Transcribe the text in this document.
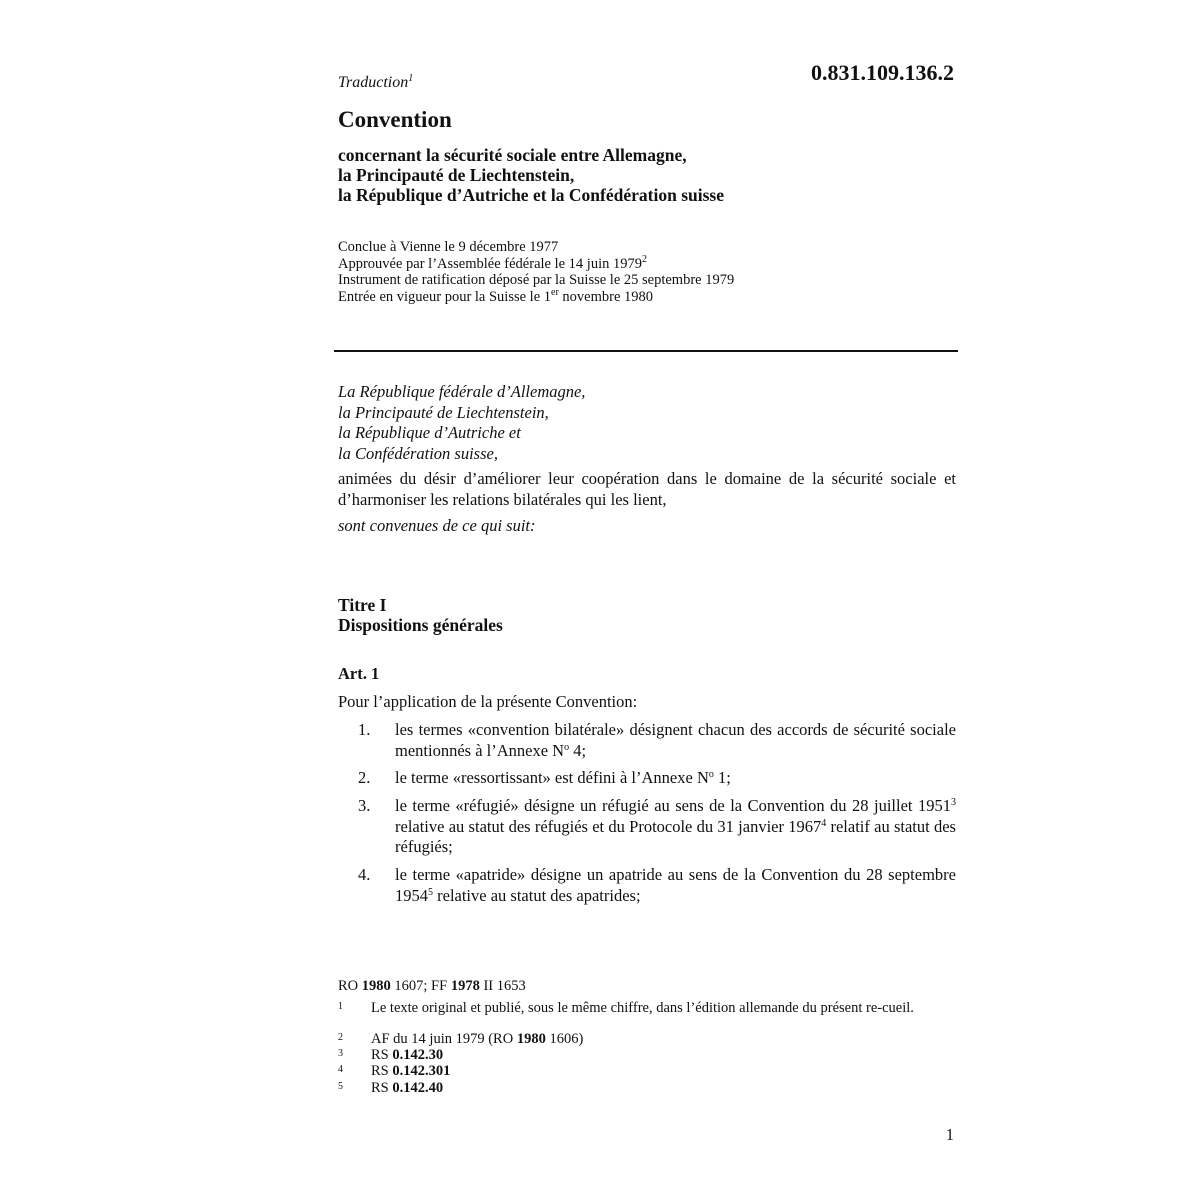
Traduction$^1$	0.831.109.136.2
Convention
concernant la sécurité sociale entre Allemagne,
la Principauté de Liechtenstein,
la République d’Autriche et la Confédération suisse
Conclue à Vienne le 9 décembre 1977
Approuvée par l’Assemblée fédérale le 14 juin 1979$^2$
Instrument de ratification déposé par la Suisse le 25 septembre 1979
Entrée en vigueur pour la Suisse le 1er novembre 1980
La République fédérale d’Allemagne,
la Principauté de Liechtenstein,
la République d’Autriche et
la Confédération suisse,
animées du désir d’améliorer leur coopération dans le domaine de la sécurité sociale et d’harmoniser les relations bilatérales qui les lient,
sont convenues de ce qui suit:
Titre I
Dispositions générales
Art. 1
Pour l’application de la présente Convention:
1. les termes «convention bilatérale» désignent chacun des accords de sécurité sociale mentionnés à l’Annexe $N^o$ 4;
2. le terme «ressortissant» est défini à l’Annexe $N^o$ 1;
3. le terme «réfugié» désigne un réfugié au sens de la Convention du 28 juillet 1951$^3$ relative au statut des réfugiés et du Protocole du 31 janvier 1967$^4$ relatif au statut des réfugiés;
4. le terme «apatride» désigne un apatride au sens de la Convention du 28 septembre 1954$^5$ relative au statut des apatrides;
RO 1980 1607; FF 1978 II 1653
1 Le texte original et publié, sous le même chiffre, dans l’édition allemande du présent re-cueil.
2 AF du 14 juin 1979 (RO 1980 1606)
3 RS 0.142.30
4 RS 0.142.301
5 RS 0.142.40
1
